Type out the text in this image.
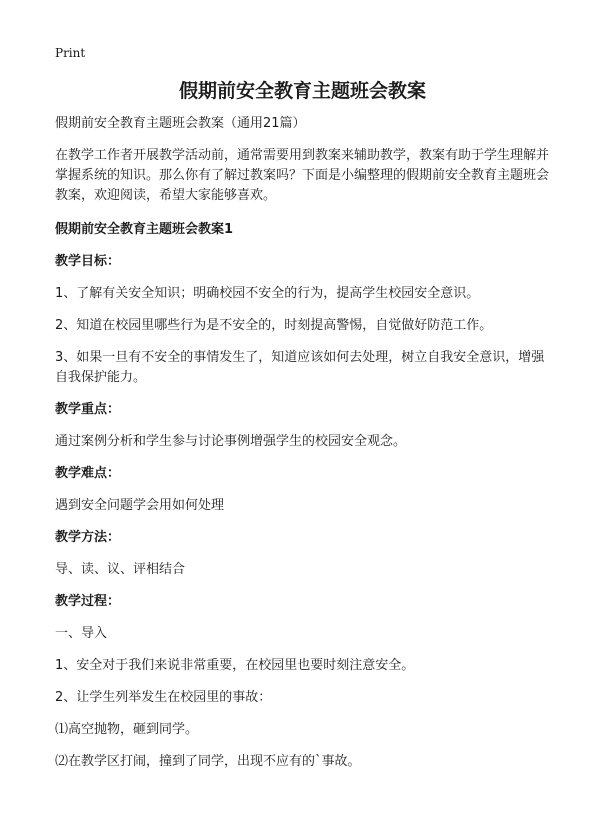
Print
假期前安全教育主题班会教案

假期前安全教育主题班会教案（通用21篇）

在教学工作者开展教学活动前，通常需要用到教案来辅助教学，教案有助于学生理解并掌握系统的知识。那么你有了解过教案吗？下面是小编整理的假期前安全教育主题班会教案，欢迎阅读，希望大家能够喜欢。

假期前安全教育主题班会教案1

教学目标：

1、了解有关安全知识；明确校园不安全的行为，提高学生校园安全意识。

2、知道在校园里哪些行为是不安全的，时刻提高警惕，自觉做好防范工作。

3、如果一旦有不安全的事情发生了，知道应该如何去处理，树立自我安全意识，增强自我保护能力。

教学重点：

通过案例分析和学生参与讨论事例增强学生的校园安全观念。

教学难点：

遇到安全问题学会用如何处理

教学方法：

导、读、议、评相结合

教学过程：

一、导入

1、安全对于我们来说非常重要，在校园里也要时刻注意安全。

2、让学生列举发生在校园里的事故：

⑴高空抛物，砸到同学。

⑵在教学区打闹，撞到了同学，出现不应有的`事故。
